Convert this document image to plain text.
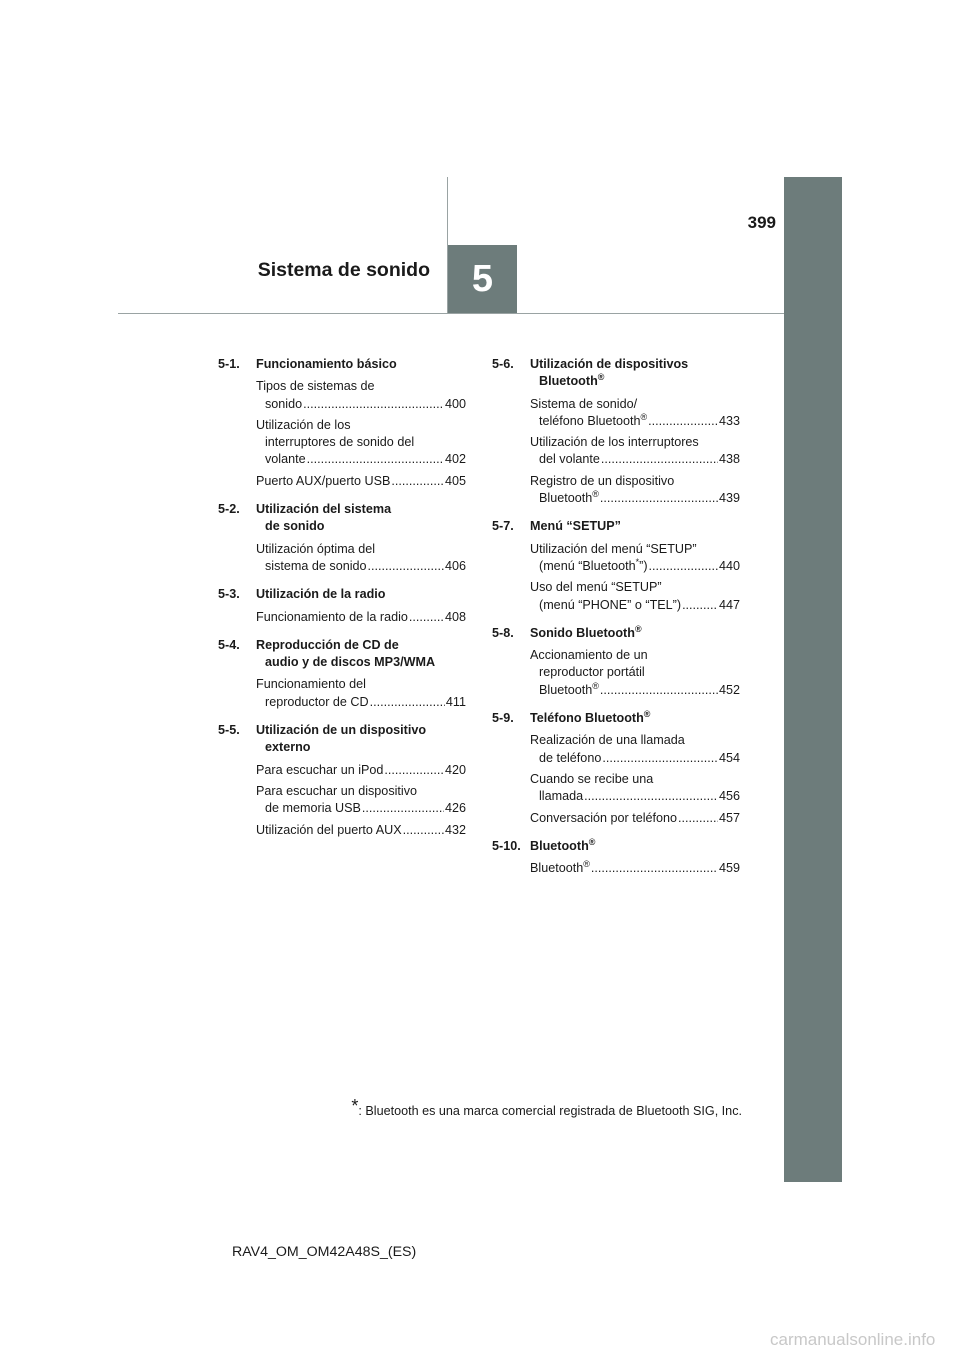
5
Sistema de sonido
399
5-1. Funcionamiento básico
Tipos de sistemas de
sonido .....	400
Utilización de los
interruptores de sonido del
volante .....	402
Puerto AUX/puerto USB .....	405
5-2. Utilización del sistema
de sonido
Utilización óptima del
sistema de sonido .....	406
5-3. Utilización de la radio
Funcionamiento de la radio .....	408
5-4. Reproducción de CD de
audio y de discos MP3/WMA
Funcionamiento del
reproductor de CD .....	411
5-5. Utilización de un dispositivo
externo
Para escuchar un iPod .....	420
Para escuchar un dispositivo
de memoria USB .....	426
Utilización del puerto AUX .....	432
5-6. Utilización de dispositivos
Bluetooth®
Sistema de sonido/
teléfono Bluetooth® .....	433
Utilización de los interruptores
del volante .....	438
Registro de un dispositivo
Bluetooth® .....	439
5-7. Menú “SETUP”
Utilización del menú “SETUP”
(menú “Bluetooth*”) .....	440
Uso del menú “SETUP”
(menú “PHONE” o “TEL”) .....	447
5-8. Sonido Bluetooth®
Accionamiento de un
reproductor portátil
Bluetooth® .....	452
5-9. Teléfono Bluetooth®
Realización de una llamada
de teléfono .....	454
Cuando se recibe una
llamada .....	456
Conversación por teléfono .....	457
5-10. Bluetooth®
Bluetooth® .....	459
*: Bluetooth es una marca comercial registrada de Bluetooth SIG, Inc.
RAV4_OM_OM42A48S_(ES)
carmanualsonline.info
